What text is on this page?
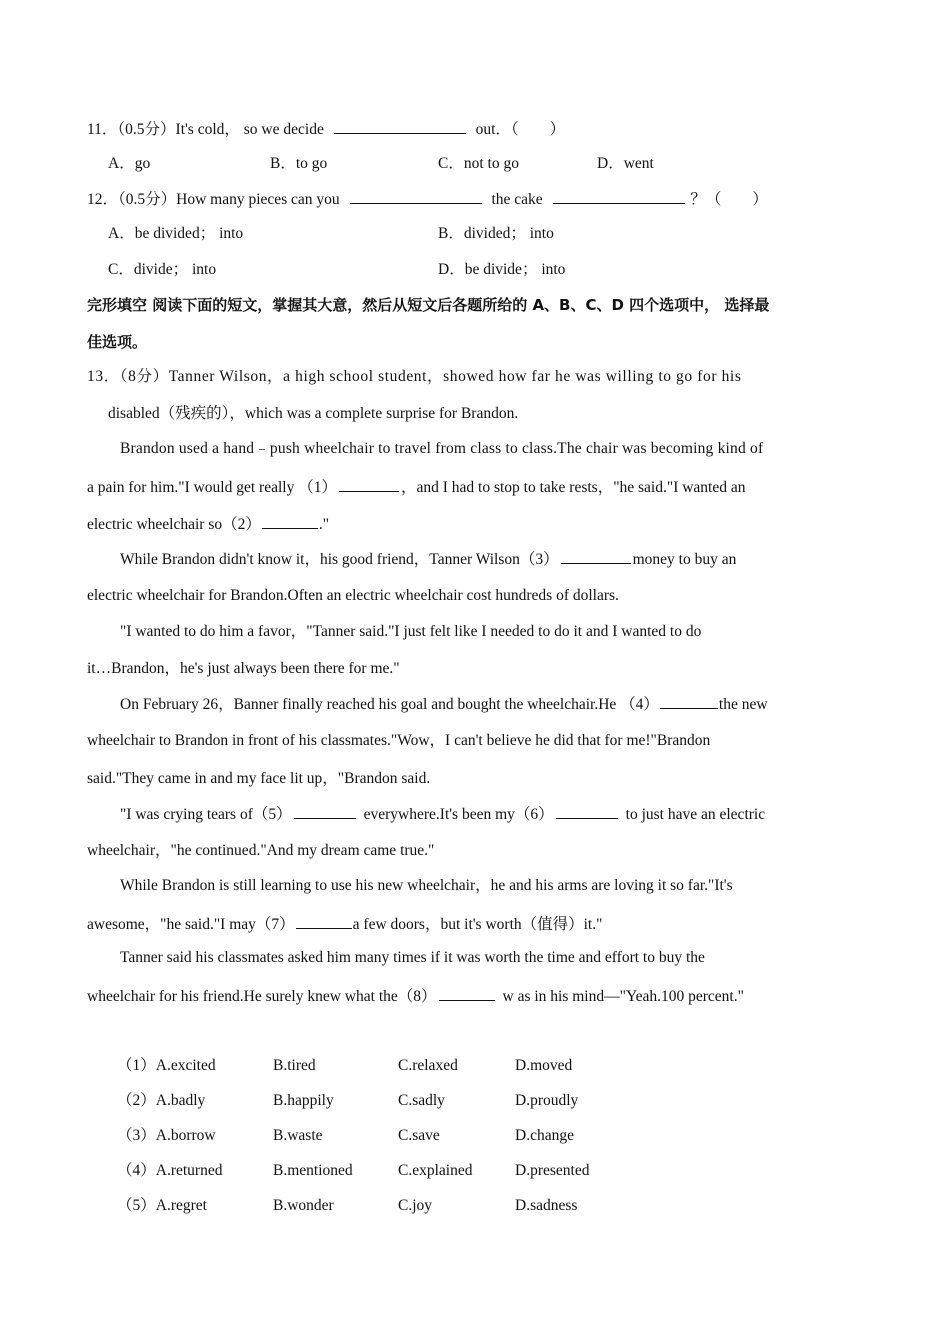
11．（0.5分）It's cold， so we decide	out．（　　）
A．go	B．to go	C．not to go	D．went
12．（0.5分）How many pieces can you	the cake	？（　　）
A．be divided； into	B．divided； into
C．divide； into	D．be divide； into
完形填空 阅读下面的短文，掌握其大意，然后从短文后各题所给的 A、B、C、D 四个选项中， 选择最
佳选项。
13．（8分）Tanner Wilson，a high school student，showed how far he was willing to go for his
disabled（残疾的），which was a complete surprise for Brandon.
Brandon used a hand﹣push wheelchair to travel from class to class.The chair was becoming kind of
a pain for him."I would get really （1）	，and I had to stop to take rests，"he said."I wanted an
electric wheelchair so（2）	."
While Brandon didn't know it，his good friend，Tanner Wilson（3）	money to buy an
electric wheelchair for Brandon.Often an electric wheelchair cost hundreds of dollars.
"I wanted to do him a favor，"Tanner said."I just felt like I needed to do it and I wanted to do
it…Brandon，he's just always been there for me."
On February 26，Banner finally reached his goal and bought the wheelchair.He （4）	the new
wheelchair to Brandon in front of his classmates."Wow，I can't believe he did that for me!"Brandon
said."They came in and my face lit up，"Brandon said.
"I was crying tears of（5）	everywhere.It's been my（6）	to just have an electric
wheelchair，"he continued."And my dream came true."
While Brandon is still learning to use his new wheelchair，he and his arms are loving it so far."It's
awesome，"he said."I may（7）	a few doors，but it's worth（值得）it."
Tanner said his classmates asked him many times if it was worth the time and effort to buy the
wheelchair for his friend.He surely knew what the（8）	w as in his mind—"Yeah.100 percent."
（1）A.excited	B.tired	C.relaxed	D.moved
（2）A.badly	B.happily	C.sadly	D.proudly
（3）A.borrow	B.waste	C.save	D.change
（4）A.returned	B.mentioned	C.explained	D.presented
（5）A.regret	B.wonder	C.joy	D.sadness
